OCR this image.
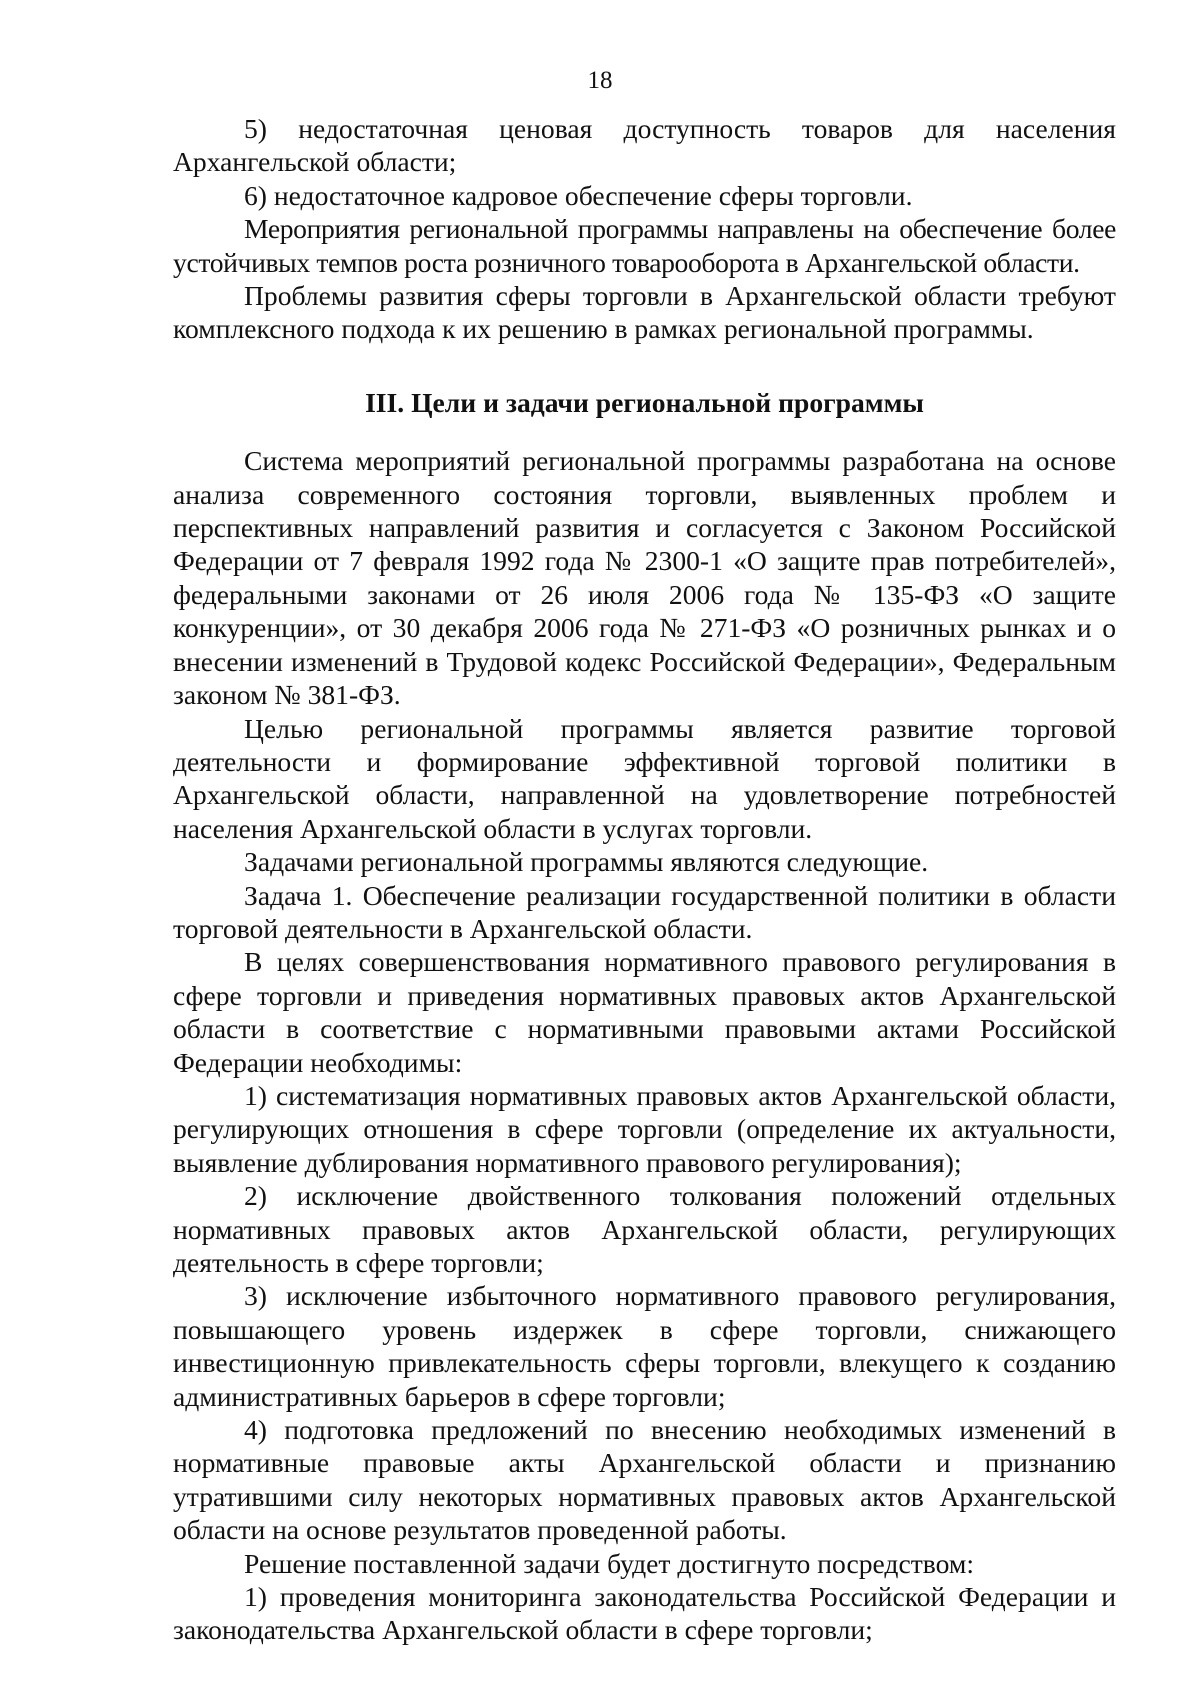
18

5) недостаточная ценовая доступность товаров для населения Архангельской области;

6) недостаточное кадровое обеспечение сферы торговли.

Мероприятия региональной программы направлены на обеспечение более устойчивых темпов роста розничного товарооборота в Архангельской области.

Проблемы развития сферы торговли в Архангельской области требуют комплексного подхода к их решению в рамках региональной программы.

III. Цели и задачи региональной программы

Система мероприятий региональной программы разработана на основе анализа современного состояния торговли, выявленных проблем и перспективных направлений развития и согласуется с Законом Российской Федерации от 7 февраля 1992 года № 2300-1 «О защите прав потребителей», федеральными законами от 26 июля 2006 года № 135-ФЗ «О защите конкуренции», от 30 декабря 2006 года № 271-ФЗ «О розничных рынках и о внесении изменений в Трудовой кодекс Российской Федерации», Федеральным законом № 381-ФЗ.

Целью региональной программы является развитие торговой деятельности и формирование эффективной торговой политики в Архангельской области, направленной на удовлетворение потребностей населения Архангельской области в услугах торговли.

Задачами региональной программы являются следующие.

Задача 1. Обеспечение реализации государственной политики в области торговой деятельности в Архангельской области.

В целях совершенствования нормативного правового регулирования в сфере торговли и приведения нормативных правовых актов Архангельской области в соответствие с нормативными правовыми актами Российской Федерации необходимы:

1) систематизация нормативных правовых актов Архангельской области, регулирующих отношения в сфере торговли (определение их актуальности, выявление дублирования нормативного правового регулирования);

2) исключение двойственного толкования положений отдельных нормативных правовых актов Архангельской области, регулирующих деятельность в сфере торговли;

3) исключение избыточного нормативного правового регулирования, повышающего уровень издержек в сфере торговли, снижающего инвестиционную привлекательность сферы торговли, влекущего к созданию административных барьеров в сфере торговли;

4) подготовка предложений по внесению необходимых изменений в нормативные правовые акты Архангельской области и признанию утратившими силу некоторых нормативных правовых актов Архангельской области на основе результатов проведенной работы.

Решение поставленной задачи будет достигнуто посредством:

1) проведения мониторинга законодательства Российской Федерации и законодательства Архангельской области в сфере торговли;
